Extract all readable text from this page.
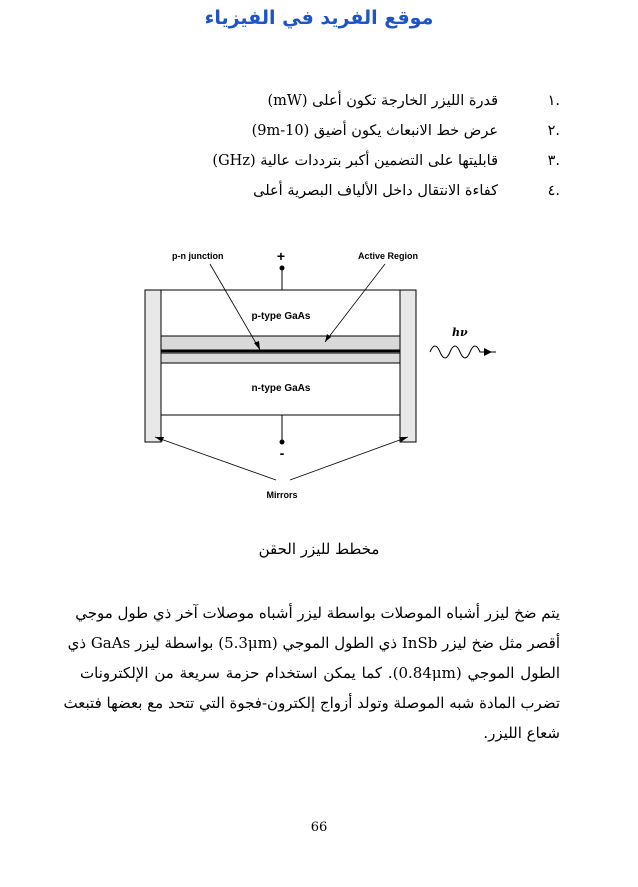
موقع الفريد في الفيزياء
.١
قدرة الليزر الخارجة تكون أعلى (mW)
.٢
عرض خط الانبعاث يكون أضيق (10-9m)
.٣
قابليتها على التضمين أكبر بترددات عالية (GHz)
.٤
كفاءة الانتقال داخل الألياف البصرية أعلى
p-n junction	+	Active Region
p-type GaAs
n-type GaAs
-
Mirrors
hν
مخطط لليزر الحقن
يتم ضخ ليزر أشباه الموصلات بواسطة ليزر أشباه موصلات آخر ذي طول موجي
أقصر مثل ضخ ليزر InSb ذي الطول الموجي (5.3μm) بواسطة ليزر GaAs ذي
الطول الموجي (0.84μm). كما يمكن استخدام حزمة سريعة من الإلكترونات
تضرب المادة شبه الموصلة وتولد أزواج إلكترون-فجوة التي تتحد مع بعضها فتبعث
شعاع الليزر.
66
